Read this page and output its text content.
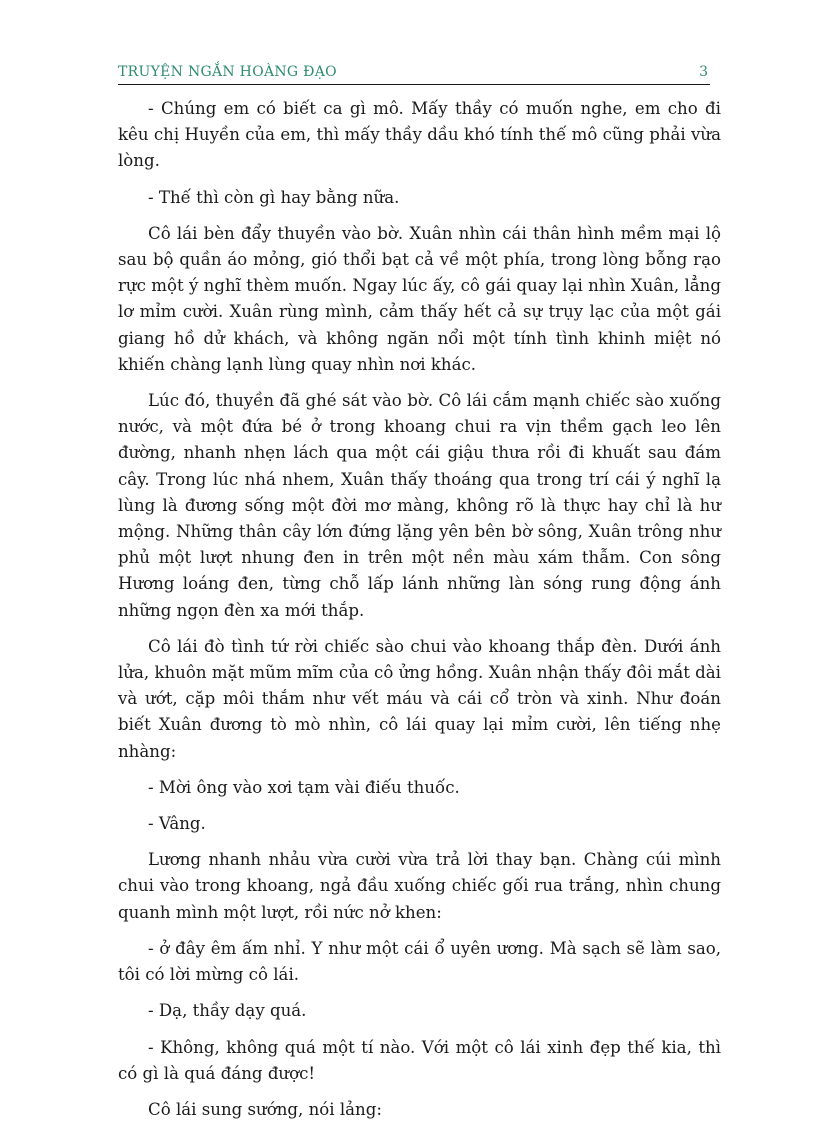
TRUYỆN NGẮN HOÀNG ĐẠO	3

- Chúng em có biết ca gì mô. Mấy thầy có muốn nghe, em cho đi kêu chị Huyền của em, thì mấy thầy dầu khó tính thế mô cũng phải vừa lòng.

- Thế thì còn gì hay bằng nữa.

Cô lái bèn đẩy thuyền vào bờ. Xuân nhìn cái thân hình mềm mại lộ sau bộ quần áo mỏng, gió thổi bạt cả về một phía, trong lòng bỗng rạo rực một ý nghĩ thèm muốn. Ngay lúc ấy, cô gái quay lại nhìn Xuân, lẳng lơ mỉm cười. Xuân rùng mình, cảm thấy hết cả sự trụy lạc của một gái giang hồ dử khách, và không ngăn nổi một tính tình khinh miệt nó khiến chàng lạnh lùng quay nhìn nơi khác.

Lúc đó, thuyền đã ghé sát vào bờ. Cô lái cắm mạnh chiếc sào xuống nước, và một đứa bé ở trong khoang chui ra vịn thềm gạch leo lên đường, nhanh nhẹn lách qua một cái giậu thưa rồi đi khuất sau đám cây. Trong lúc nhá nhem, Xuân thấy thoáng qua trong trí cái ý nghĩ lạ lùng là đương sống một đời mơ màng, không rõ là thực hay chỉ là hư mộng. Những thân cây lớn đứng lặng yên bên bờ sông, Xuân trông như phủ một lượt nhung đen in trên một nền màu xám thẫm. Con sông Hương loáng đen, từng chỗ lấp lánh những làn sóng rung động ánh những ngọn đèn xa mới thắp.

Cô lái đò tình tứ rời chiếc sào chui vào khoang thắp đèn. Dưới ánh lửa, khuôn mặt mũm mĩm của cô ửng hồng. Xuân nhận thấy đôi mắt dài và ướt, cặp môi thắm như vết máu và cái cổ tròn và xinh. Như đoán biết Xuân đương tò mò nhìn, cô lái quay lại mỉm cười, lên tiếng nhẹ nhàng:

- Mời ông vào xơi tạm vài điếu thuốc.

- Vâng.

Lương nhanh nhảu vừa cười vừa trả lời thay bạn. Chàng cúi mình chui vào trong khoang, ngả đầu xuống chiếc gối rua trắng, nhìn chung quanh mình một lượt, rồi nức nở khen:

- ở đây êm ấm nhỉ. Y như một cái ổ uyên ương. Mà sạch sẽ làm sao, tôi có lời mừng cô lái.

- Dạ, thầy dạy quá.

- Không, không quá một tí nào. Với một cô lái xinh đẹp thế kia, thì có gì là quá đáng được!

Cô lái sung sướng, nói lảng:
